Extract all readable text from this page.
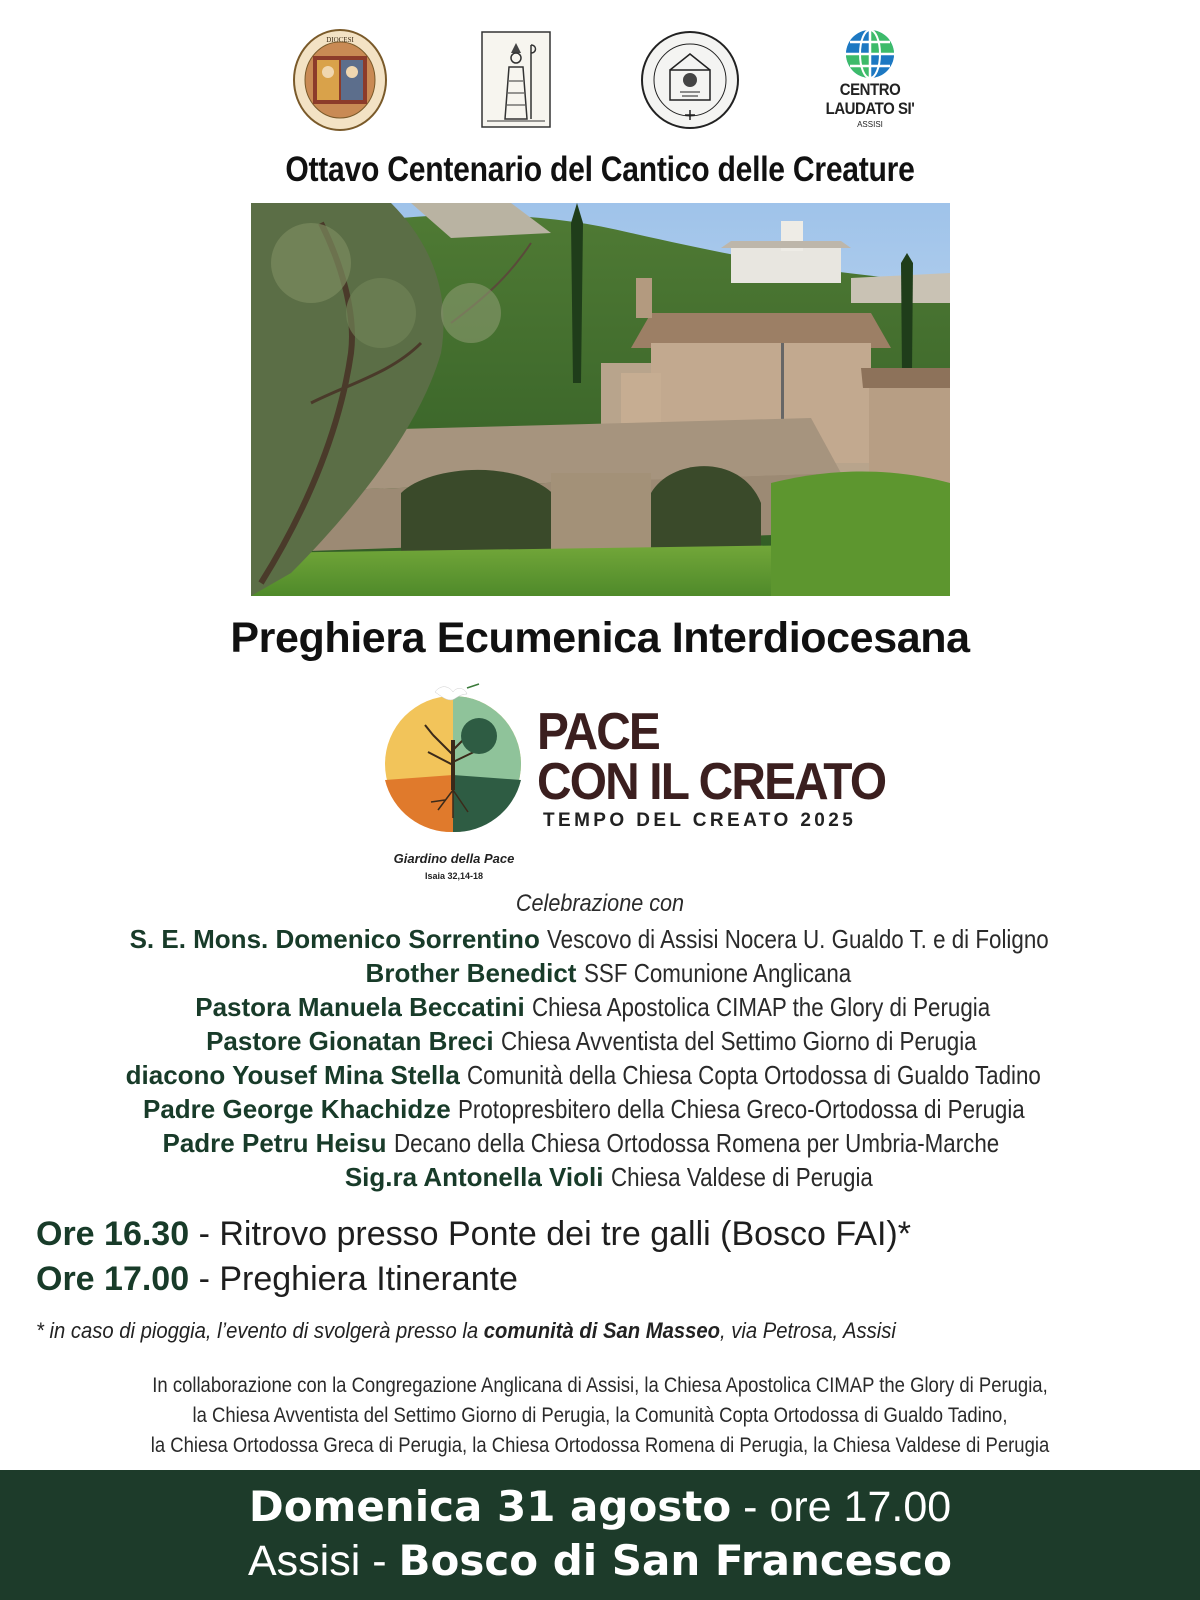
DIOCESI
CENTRO
LAUDATO SI'
ASSISI
Ottavo Centenario del Cantico delle Creature
Preghiera Ecumenica Interdiocesana
PACE
CON IL CREATO
TEMPO DEL CREATO 2025
Giardino della Pace
Isaia 32,14-18
Celebrazione con
S. E. Mons. Domenico Sorrentino Vescovo di Assisi Nocera U. Gualdo T. e di Foligno
Brother Benedict SSF Comunione Anglicana
Pastora Manuela Beccatini Chiesa Apostolica CIMAP the Glory di Perugia
Pastore Gionatan Breci Chiesa Avventista del Settimo Giorno di Perugia
diacono Yousef Mina Stella Comunità della Chiesa Copta Ortodossa di Gualdo Tadino
Padre George Khachidze Protopresbitero della Chiesa Greco-Ortodossa di Perugia
Padre Petru Heisu Decano della Chiesa Ortodossa Romena per Umbria-Marche
Sig.ra Antonella Violi Chiesa Valdese di Perugia
Ore 16.30 - Ritrovo presso Ponte dei tre galli (Bosco FAI)*
Ore 17.00 - Preghiera Itinerante
* in caso di pioggia, l’evento di svolgerà presso la comunità di San Masseo, via Petrosa, Assisi
In collaborazione con la Congregazione Anglicana di Assisi, la Chiesa Apostolica CIMAP the Glory di Perugia,
la Chiesa Avventista del Settimo Giorno di Perugia, la Comunità Copta Ortodossa di Gualdo Tadino,
la Chiesa Ortodossa Greca di Perugia, la Chiesa Ortodossa Romena di Perugia, la Chiesa Valdese di Perugia
Domenica 31 agosto - ore 17.00
Assisi - Bosco di San Francesco
